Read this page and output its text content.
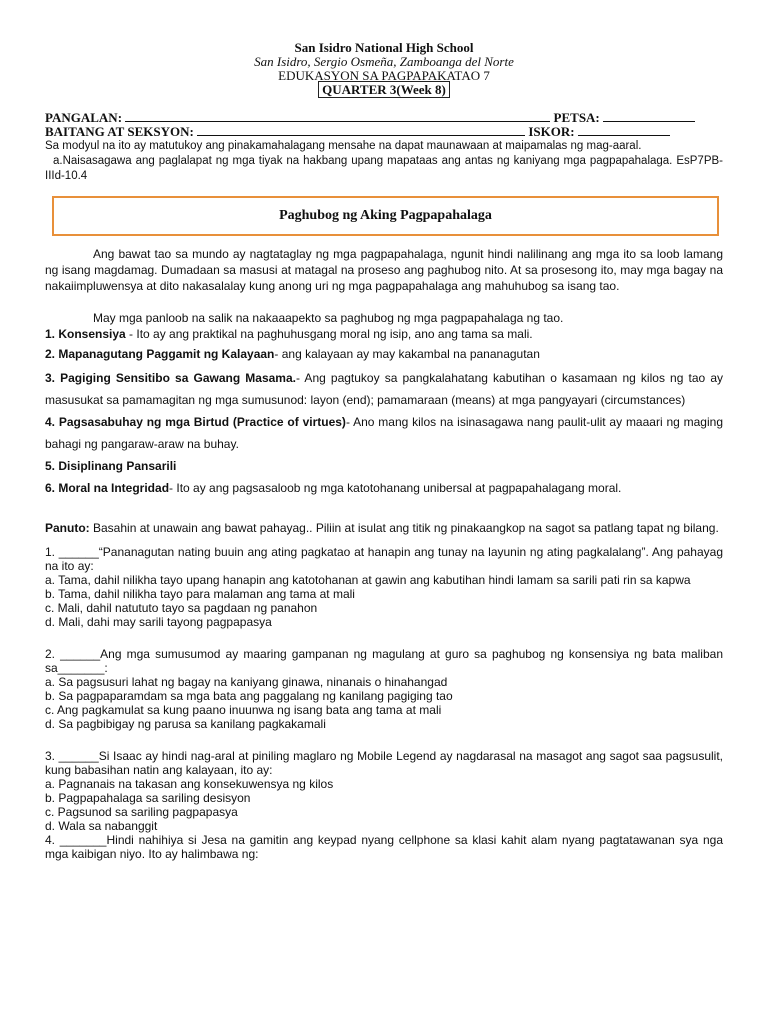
San Isidro National High School
San Isidro, Sergio Osmeña, Zamboanga del Norte
EDUKASYON SA PAGPAPAKATAO 7
QUARTER 3(Week 8)
PANGALAN:	PETSA:
BAITANG AT SEKSYON:	ISKOR:
Sa modyul na ito ay matutukoy ang pinakamahalagang mensahe na dapat maunawaan at maipamalas ng mag-aaral.
a.Naisasagawa ang paglalapat ng mga tiyak na hakbang upang mapataas ang antas ng kaniyang mga pagpapahalaga. EsP7PB-IIId-10.4
Paghubog ng Aking Pagpapahalaga
Ang bawat tao sa mundo ay nagtataglay ng mga pagpapahalaga, ngunit hindi nalilinang ang mga ito sa loob lamang ng isang magdamag. Dumadaan sa masusi at matagal na proseso ang paghubog nito. At sa prosesong ito, may mga bagay na nakaiimpluwensya at dito nakasalalay kung anong uri ng mga pagpapahalaga ang mahuhubog sa isang tao.
May mga panloob na salik na nakaaapekto sa paghubog ng mga pagpapahalaga ng tao.
1. Konsensiya - Ito ay ang praktikal na paghuhusgang moral ng isip, ano ang tama sa mali.
2. Mapanagutang Paggamit ng Kalayaan- ang kalayaan ay may kakambal na pananagutan
3. Pagiging Sensitibo sa Gawang Masama.- Ang pagtukoy sa pangkalahatang kabutihan o kasamaan ng kilos ng tao ay masusukat sa pamamagitan ng mga sumusunod: layon (end); pamamaraan (means) at mga pangyayari (circumstances)
4. Pagsasabuhay ng mga Birtud (Practice of virtues)- Ano mang kilos na isinasagawa nang paulit-ulit ay maaari ng maging bahagi ng pangaraw-araw na buhay.
5. Disiplinang Pansarili
6. Moral na Integridad- Ito ay ang pagsasaloob ng mga katotohanang unibersal at pagpapahalagang moral.
Panuto: Basahin at unawain ang bawat pahayag.. Piliin at isulat ang titik ng pinakaangkop na sagot sa patlang tapat ng bilang.
1. ______“Pananagutan nating buuin ang ating pagkatao at hanapin ang tunay na layunin ng ating pagkalalang”. Ang pahayag na ito ay:
a. Tama, dahil nilikha tayo upang hanapin ang katotohanan at gawin ang kabutihan hindi lamam sa sarili pati rin sa kapwa
b. Tama, dahil nilikha tayo para malaman ang tama at mali
c. Mali, dahil natututo tayo sa pagdaan ng panahon
d. Mali, dahi may sarili tayong pagpapasya
2. ______Ang mga sumusumod ay maaring gampanan ng magulang at guro sa paghubog ng konsensiya ng bata maliban sa_______:
a. Sa pagsusuri lahat ng bagay na kaniyang ginawa, ninanais o hinahangad
b. Sa pagpaparamdam sa mga bata ang paggalang ng kanilang pagiging tao
c. Ang pagkamulat sa kung paano inuunwa ng isang bata ang tama at mali
d. Sa pagbibigay ng parusa sa kanilang pagkakamali
3. ______Si Isaac ay hindi nag-aral at piniling maglaro ng Mobile Legend ay nagdarasal na masagot ang sagot saa pagsusulit, kung babasihan natin ang kalayaan, ito ay:
a. Pagnanais na takasan ang konsekuwensya ng kilos
b. Pagpapahalaga sa sariling desisyon
c. Pagsunod sa sariling pagpapasya
d. Wala sa nabanggit
4. _______Hindi nahihiya si Jesa na gamitin ang keypad nyang cellphone sa klasi kahit alam nyang pagtatawanan sya nga mga kaibigan niyo. Ito ay halimbawa ng:
